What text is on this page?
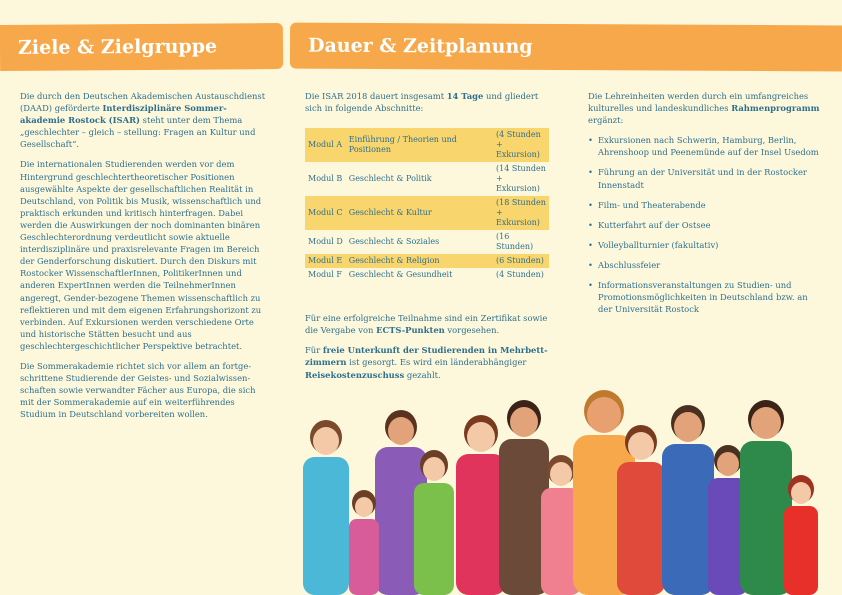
Ziele & Zielgruppe	Dauer & Zeitplanung

Die durch den Deutschen Akademischen Austauschdienst (DAAD) geförderte Interdisziplinäre Sommerakademie Rostock (ISAR) steht unter dem Thema „geschlechter – gleich – stellung: Fragen an Kultur und Gesellschaft“.

Die internationalen Studierenden werden vor dem Hintergrund geschlechtertheoretischer Positionen ausgewählte Aspekte der gesellschaftlichen Realität in Deutschland, von Politik bis Musik, wissenschaftlich und praktisch erkunden und kritisch hinterfragen. Dabei werden die Auswirkungen der noch dominanten binären Geschlechterordnung verdeutlicht sowie aktuelle interdisziplinäre und praxisrelevante Fragen im Bereich der Genderforschung diskutiert. Durch den Diskurs mit Rostocker WissenschaftlerInnen, PolitikerInnen und anderen ExpertInnen werden die TeilnehmerInnen angeregt, Gender-bezogene Themen wissenschaftlich zu reflektieren und mit dem eigenen Erfahrungshorizont zu verbinden. Auf Exkursionen werden verschiedene Orte und historische Stätten besucht und aus geschlechtergeschichtlicher Perspektive betrachtet.

Die Sommerakademie richtet sich vor allem an fortgeschrittene Studierende der Geistes- und Sozialwissenschaften sowie verwandter Fächer aus Europa, die sich mit der Sommerakademie auf ein weiterführendes Studium in Deutschland vorbereiten wollen.

Die ISAR 2018 dauert insgesamt 14 Tage und gliedert sich in folgende Abschnitte:

Modul A	Einführung / Theorien und Positionen	(4 Stunden + Exkursion)
Modul B	Geschlecht & Politik	(14 Stunden + Exkursion)
Modul C	Geschlecht & Kultur	(18 Stunden + Exkursion)
Modul D	Geschlecht & Soziales	(16 Stunden)
Modul E	Geschlecht & Religion	(6 Stunden)
Modul F	Geschlecht & Gesundheit	(4 Stunden)

Für eine erfolgreiche Teilnahme sind ein Zertifikat sowie die Vergabe von ECTS-Punkten vorgesehen.

Für freie Unterkunft der Studierenden in Mehrbettzimmern ist gesorgt. Es wird ein länderabhängiger Reisekostenzuschuss gezahlt.

Die Lehreinheiten werden durch ein umfangreiches kulturelles und landeskundliches Rahmenprogramm ergänzt:

• Exkursionen nach Schwerin, Hamburg, Berlin, Ahrenshoop und Peenemünde auf der Insel Usedom
• Führung an der Universität und in der Rostocker Innenstadt
• Film- und Theaterabende
• Kutterfahrt auf der Ostsee
• Volleyballturnier (fakultativ)
• Abschlussfeier
• Informationsveranstaltungen zu Studien- und Promotionsmöglichkeiten in Deutschland bzw. an der Universität Rostock
